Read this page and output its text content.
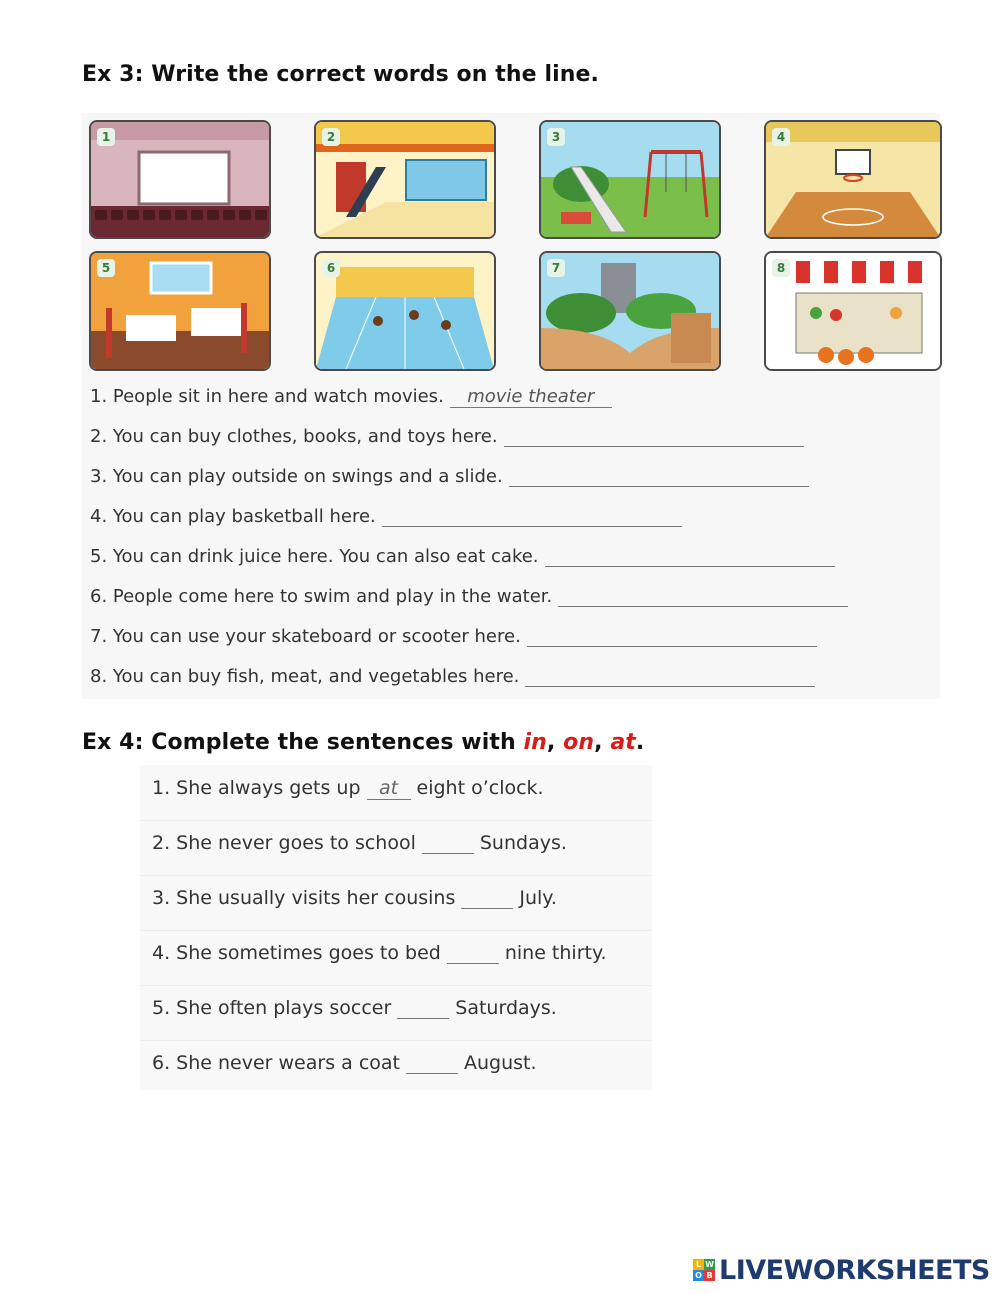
Ex 3: Write the correct words on the line.
1	2	3	4
5	6	7	8
1. People sit in here and watch movies. movie theater
2. You can buy clothes, books, and toys here.
3. You can play outside on swings and a slide.
4. You can play basketball here.
5. You can drink juice here. You can also eat cake.
6. People come here to swim and play in the water.
7. You can use your skateboard or scooter here.
8. You can buy fish, meat, and vegetables here.
Ex 4: Complete the sentences with in, on, at.
1. She always gets up at eight o’clock.
2. She never goes to school	Sundays.
3. She usually visits her cousins	July.
4. She sometimes goes to bed	nine thirty.
5. She often plays soccer	Saturdays.
6. She never wears a coat	August.
L W
O B LIVEWORKSHEETS
